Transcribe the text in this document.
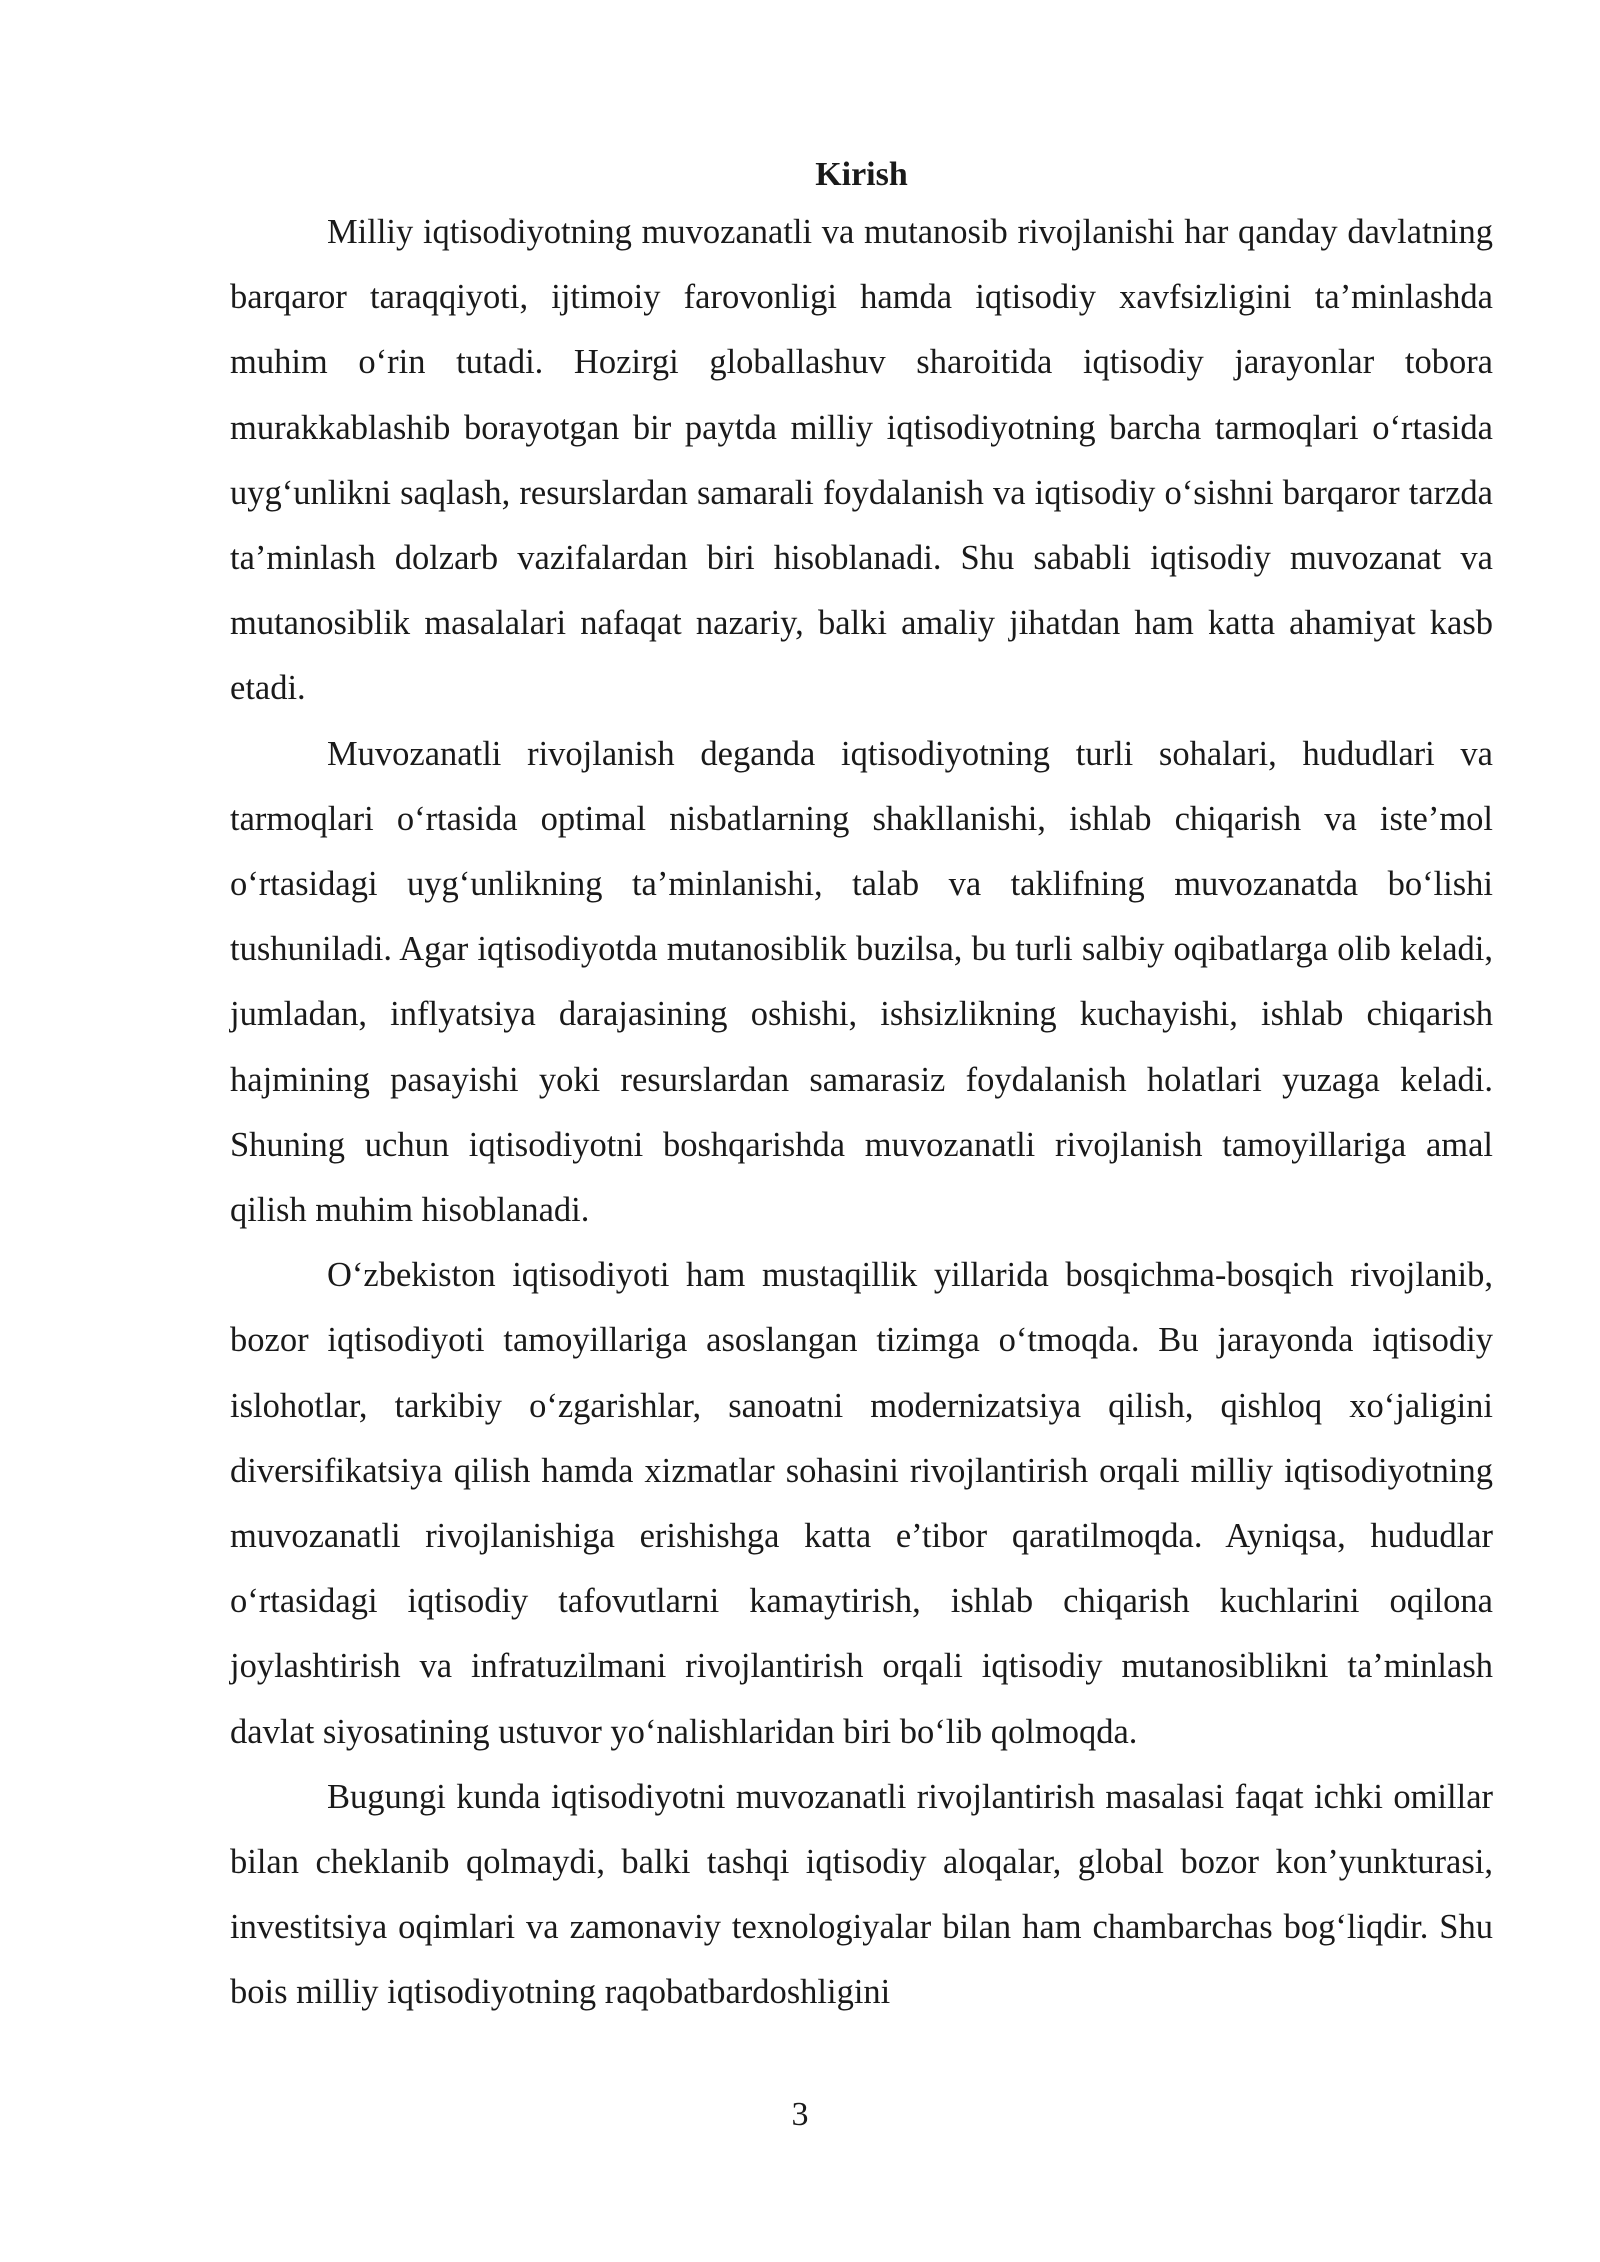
Kirish

Milliy iqtisodiyotning muvozanatli va mutanosib rivojlanishi har qanday davlatning barqaror taraqqiyoti, ijtimoiy farovonligi hamda iqtisodiy xavfsizligini ta’minlashda muhim o‘rin tutadi. Hozirgi globallashuv sharoitida iqtisodiy jarayonlar tobora murakkablashib borayotgan bir paytda milliy iqtisodiyotning barcha tarmoqlari o‘rtasida uyg‘unlikni saqlash, resurslardan samarali foydalanish va iqtisodiy o‘sishni barqaror tarzda ta’minlash dolzarb vazifalardan biri hisoblanadi. Shu sababli iqtisodiy muvozanat va mutanosiblik masalalari nafaqat nazariy, balki amaliy jihatdan ham katta ahamiyat kasb etadi.

Muvozanatli rivojlanish deganda iqtisodiyotning turli sohalari, hududlari va tarmoqlari o‘rtasida optimal nisbatlarning shakllanishi, ishlab chiqarish va iste’mol o‘rtasidagi uyg‘unlikning ta’minlanishi, talab va taklifning muvozanatda bo‘lishi tushuniladi. Agar iqtisodiyotda mutanosiblik buzilsa, bu turli salbiy oqibatlarga olib keladi, jumladan, inflyatsiya darajasining oshishi, ishsizlikning kuchayishi, ishlab chiqarish hajmining pasayishi yoki resurslardan samarasiz foydalanish holatlari yuzaga keladi. Shuning uchun iqtisodiyotni boshqarishda muvozanatli rivojlanish tamoyillariga amal qilish muhim hisoblanadi.

O‘zbekiston iqtisodiyoti ham mustaqillik yillarida bosqichma-bosqich rivojlanib, bozor iqtisodiyoti tamoyillariga asoslangan tizimga o‘tmoqda. Bu jarayonda iqtisodiy islohotlar, tarkibiy o‘zgarishlar, sanoatni modernizatsiya qilish, qishloq xo‘jaligini diversifikatsiya qilish hamda xizmatlar sohasini rivojlantirish orqali milliy iqtisodiyotning muvozanatli rivojlanishiga erishishga katta e’tibor qaratilmoqda. Ayniqsa, hududlar o‘rtasidagi iqtisodiy tafovutlarni kamaytirish, ishlab chiqarish kuchlarini oqilona joylashtirish va infratuzilmani rivojlantirish orqali iqtisodiy mutanosiblikni ta’minlash davlat siyosatining ustuvor yo‘nalishlaridan biri bo‘lib qolmoqda.

Bugungi kunda iqtisodiyotni muvozanatli rivojlantirish masalasi faqat ichki omillar bilan cheklanib qolmaydi, balki tashqi iqtisodiy aloqalar, global bozor kon’yunkturasi, investitsiya oqimlari va zamonaviy texnologiyalar bilan ham chambarchas bog‘liqdir. Shu bois milliy iqtisodiyotning raqobatbardoshligini

3
